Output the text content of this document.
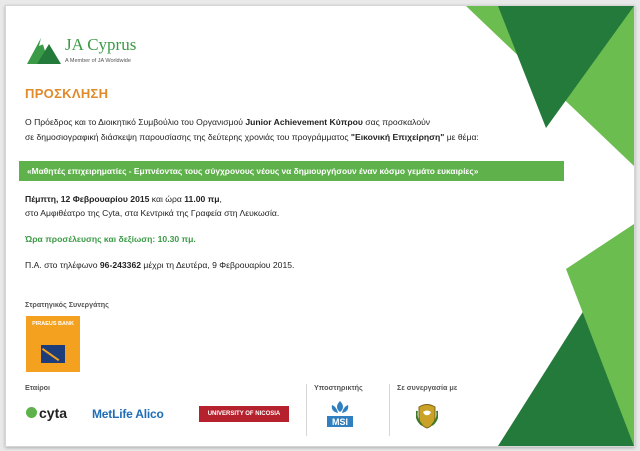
JA Cyprus
A Member of JA Worldwide
ΠΡΟΣΚΛΗΣΗ
Ο Πρόεδρος και το Διοικητικό Συμβούλιο του Οργανισμού Junior Achievement Κύπρου σας προσκαλούν
σε δημοσιογραφική διάσκεψη παρουσίασης της δεύτερης χρονιάς του προγράμματος "Εικονική Επιχείρηση" με θέμα:
«Μαθητές επιχειρηματίες - Εμπνέοντας τους σύγχρονους νέους να δημιουργήσουν έναν κόσμο γεμάτο ευκαιρίες»
Πέμπτη, 12 Φεβρουαρίου 2015 και ώρα 11.00 πμ,
στο Αμφιθέατρο της Cyta, στα Κεντρικά της Γραφεία στη Λευκωσία.
Ώρα προσέλευσης και δεξίωση: 10.30 πμ.
Π.Α. στο τηλέφωνο 96-243362 μέχρι τη Δευτέρα, 9 Φεβρουαρίου 2015.
Στρατηγικός Συνεργάτης
PIRAEUS BANK
Εταίροι
cyta MetLife Alico	UNIVERSITY OF NICOSIA
Υποστηρικτής
MSI
Σε συνεργασία με
